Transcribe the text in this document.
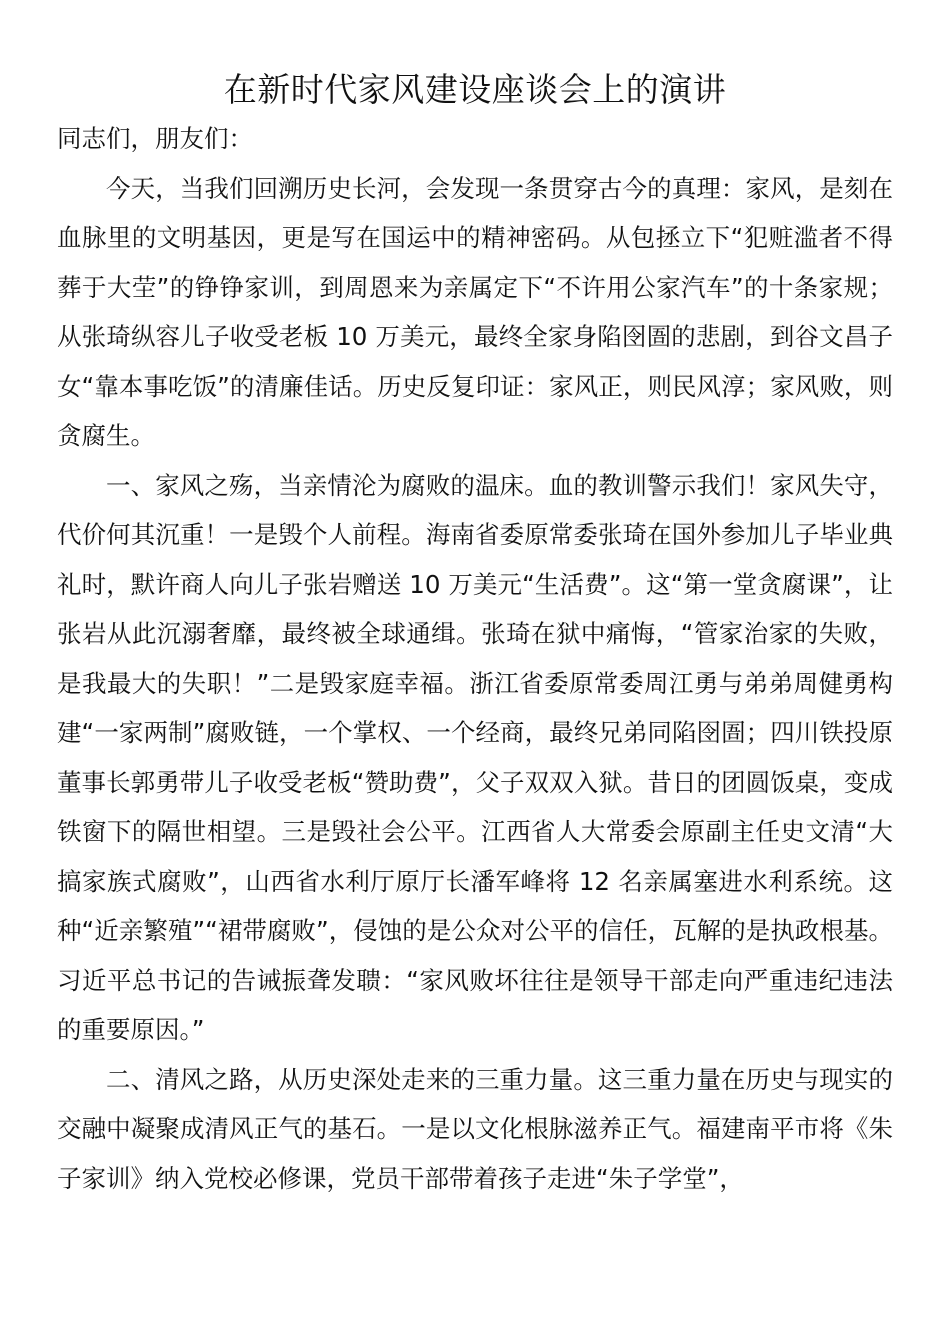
在新时代家风建设座谈会上的演讲

同志们，朋友们：

今天，当我们回溯历史长河，会发现一条贯穿古今的真理：家风，是刻在血脉里的文明基因，更是写在国运中的精神密码。从包拯立下“犯赃滥者不得葬于大茔”的铮铮家训，到周恩来为亲属定下“不许用公家汽车”的十条家规；从张琦纵容儿子收受老板 10 万美元，最终全家身陷囹圄的悲剧，到谷文昌子女“靠本事吃饭”的清廉佳话。历史反复印证：家风正，则民风淳；家风败，则贪腐生。

一、家风之殇，当亲情沦为腐败的温床。血的教训警示我们！家风失守，代价何其沉重！一是毁个人前程。海南省委原常委张琦在国外参加儿子毕业典礼时，默许商人向儿子张岩赠送 10 万美元“生活费”。这“第一堂贪腐课”，让张岩从此沉溺奢靡，最终被全球通缉。张琦在狱中痛悔，“管家治家的失败，是我最大的失职！”二是毁家庭幸福。浙江省委原常委周江勇与弟弟周健勇构建“一家两制”腐败链，一个掌权、一个经商，最终兄弟同陷囹圄；四川铁投原董事长郭勇带儿子收受老板“赞助费”，父子双双入狱。昔日的团圆饭桌，变成铁窗下的隔世相望。三是毁社会公平。江西省人大常委会原副主任史文清“大搞家族式腐败”，山西省水利厅原厅长潘军峰将 12 名亲属塞进水利系统。这种“近亲繁殖”“裙带腐败”，侵蚀的是公众对公平的信任，瓦解的是执政根基。习近平总书记的告诫振聋发聩：“家风败坏往往是领导干部走向严重违纪违法的重要原因。”

二、清风之路，从历史深处走来的三重力量。这三重力量在历史与现实的交融中凝聚成清风正气的基石。一是以文化根脉滋养正气。福建南平市将《朱子家训》纳入党校必修课，党员干部带着孩子走进“朱子学堂”，
